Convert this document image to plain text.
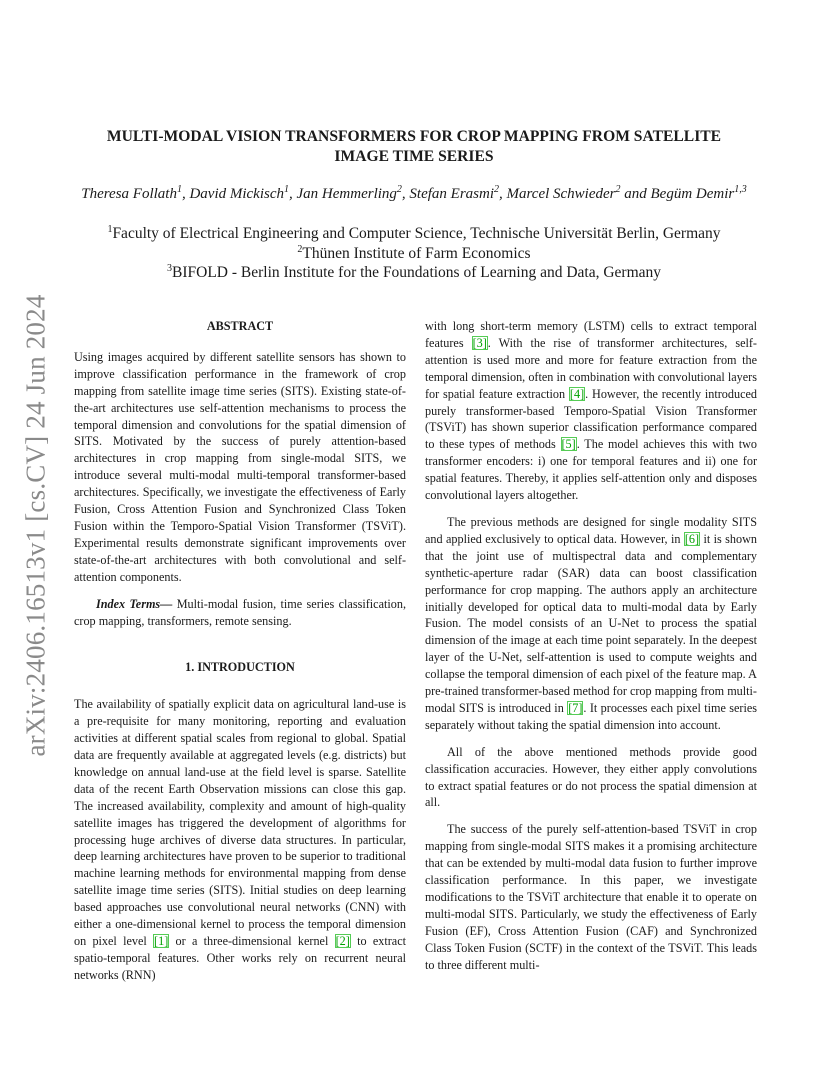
arXiv:2406.16513v1 [cs.CV] 24 Jun 2024
MULTI-MODAL VISION TRANSFORMERS FOR CROP MAPPING FROM SATELLITE
IMAGE TIME SERIES
Theresa Follath$^1$, David Mickisch$^1$, Jan Hemmerling$^2$, Stefan Erasmi$^2$, Marcel Schwieder$^2$ and Begüm Demir$^{1,3}$
$^1$Faculty of Electrical Engineering and Computer Science, Technische Universität Berlin, Germany
$^2$Thünen Institute of Farm Economics
$^3$BIFOLD - Berlin Institute for the Foundations of Learning and Data, Germany
ABSTRACT

Using images acquired by different satellite sensors has shown to improve classification performance in the framework of crop mapping from satellite image time series (SITS). Existing state-of-the-art architectures use self-attention mechanisms to process the temporal dimension and convolutions for the spatial dimension of SITS. Motivated by the success of purely attention-based architectures in crop mapping from single-modal SITS, we introduce several multi-modal multi-temporal transformer-based architectures. Specifically, we investigate the effectiveness of Early Fusion, Cross Attention Fusion and Synchronized Class Token Fusion within the Temporo-Spatial Vision Transformer (TSViT). Experimental results demonstrate significant improvements over state-of-the-art architectures with both convolutional and self-attention components.

Index Terms— Multi-modal fusion, time series classification, crop mapping, transformers, remote sensing.

1. INTRODUCTION

The availability of spatially explicit data on agricultural land-use is a pre-requisite for many monitoring, reporting and evaluation activities at different spatial scales from regional to global. Spatial data are frequently available at aggregated levels (e.g. districts) but knowledge on annual land-use at the field level is sparse. Satellite data of the recent Earth Observation missions can close this gap. The increased availability, complexity and amount of high-quality satellite images has triggered the development of algorithms for processing huge archives of diverse data structures. In particular, deep learning architectures have proven to be superior to traditional machine learning methods for environmental mapping from dense satellite image time series (SITS). Initial studies on deep learning based approaches use convolutional neural networks (CNN) with either a one-dimensional kernel to process the temporal dimension on pixel level [1] or a three-dimensional kernel [2] to extract spatio-temporal features. Other works rely on recurrent neural networks (RNN)

with long short-term memory (LSTM) cells to extract temporal features [3]. With the rise of transformer architectures, self-attention is used more and more for feature extraction from the temporal dimension, often in combination with convolutional layers for spatial feature extraction [4]. However, the recently introduced purely transformer-based Temporo-Spatial Vision Transformer (TSViT) has shown superior classification performance compared to these types of methods [5]. The model achieves this with two transformer encoders: i) one for temporal features and ii) one for spatial features. Thereby, it applies self-attention only and disposes convolutional layers altogether.

The previous methods are designed for single modality SITS and applied exclusively to optical data. However, in [6] it is shown that the joint use of multispectral data and complementary synthetic-aperture radar (SAR) data can boost classification performance for crop mapping. The authors apply an architecture initially developed for optical data to multi-modal data by Early Fusion. The model consists of an U-Net to process the spatial dimension of the image at each time point separately. In the deepest layer of the U-Net, self-attention is used to compute weights and collapse the temporal dimension of each pixel of the feature map. A pre-trained transformer-based method for crop mapping from multi-modal SITS is introduced in [7]. It processes each pixel time series separately without taking the spatial dimension into account.

All of the above mentioned methods provide good classification accuracies. However, they either apply convolutions to extract spatial features or do not process the spatial dimension at all.

The success of the purely self-attention-based TSViT in crop mapping from single-modal SITS makes it a promising architecture that can be extended by multi-modal data fusion to further improve classification performance. In this paper, we investigate modifications to the TSViT architecture that enable it to operate on multi-modal SITS. Particularly, we study the effectiveness of Early Fusion (EF), Cross Attention Fusion (CAF) and Synchronized Class Token Fusion (SCTF) in the context of the TSViT. This leads to three different multi-
